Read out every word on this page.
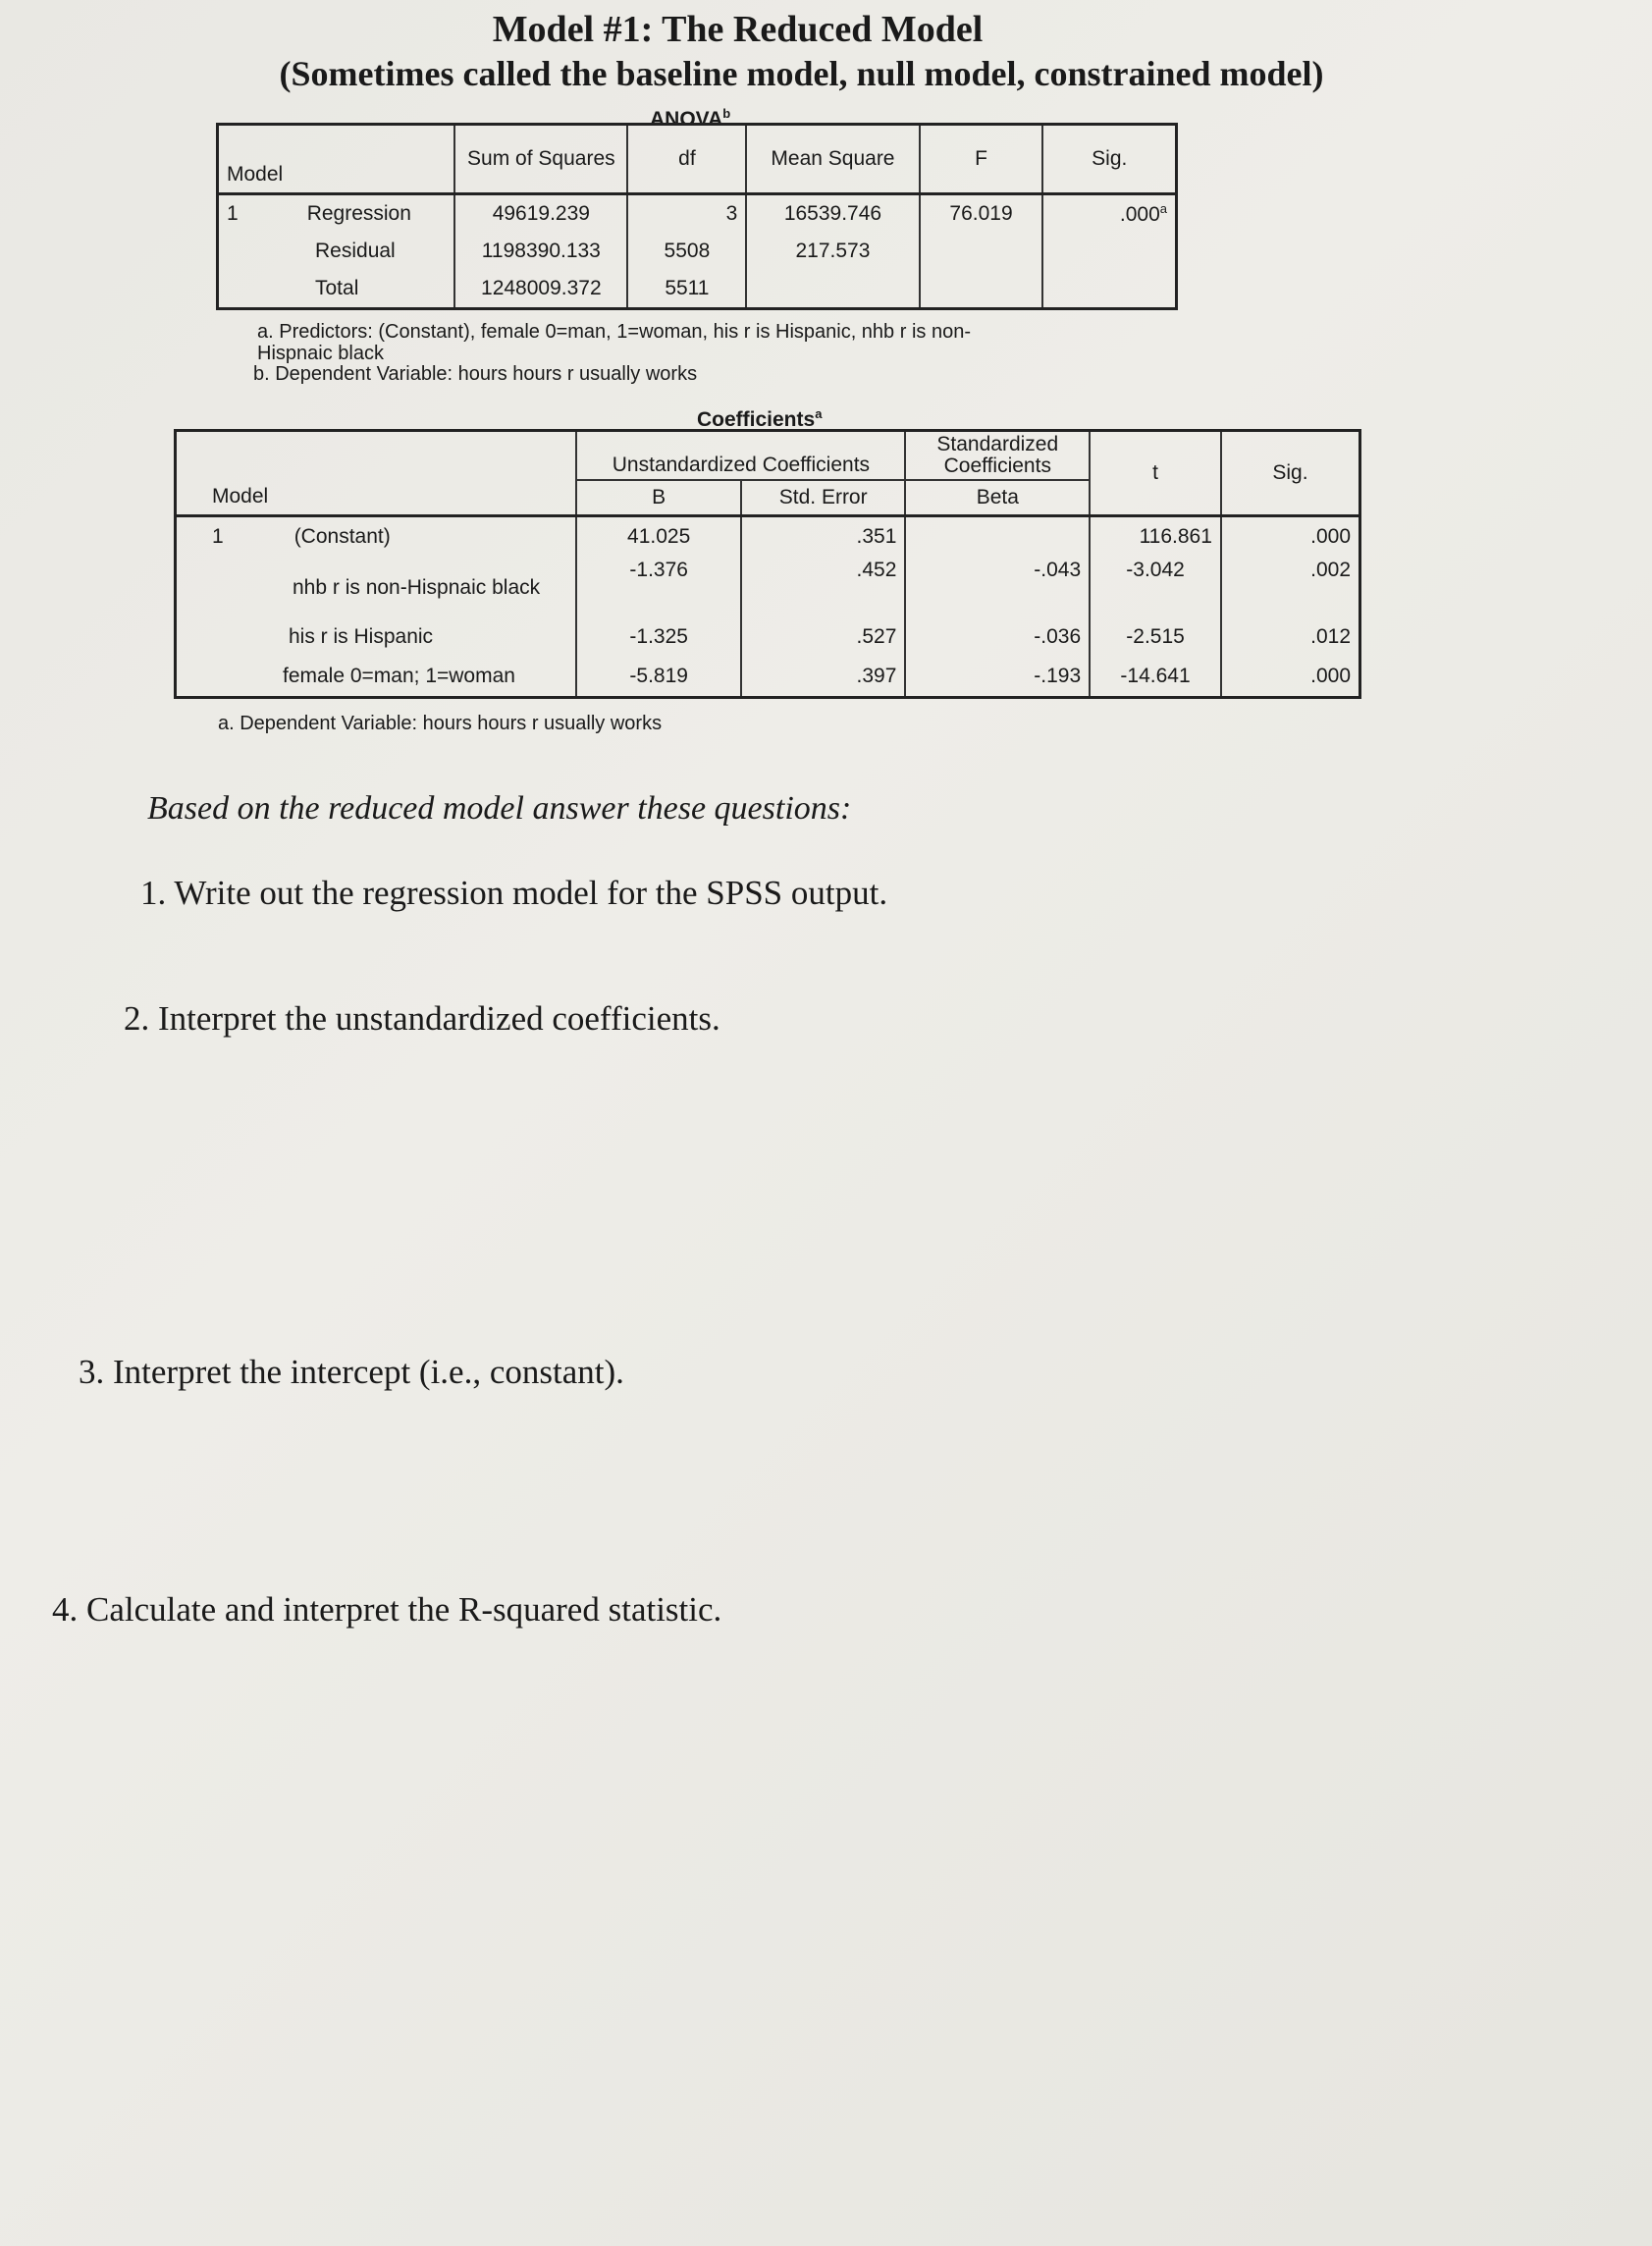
Model #1: The Reduced Model
(Sometimes called the baseline model, null model, constrained model)
ANOVA$^b$
Model	Sum of Squares	df	Mean Square	F	Sig.
1 Regression	49619.239	3	16539.746	76.019	.000$^a$
Residual	1198390.133	5508	217.573		
Total	1248009.372	5511			
a. Predictors: (Constant), female 0=man, 1=woman, his r is Hispanic, nhb r is non-
Hispnaic black
b. Dependent Variable: hours hours r usually works
Coefficients$^a$
Model	Unstandardized Coefficients		Standardized Coefficients	t	Sig.
	B	Std. Error	Beta		
1 (Constant)	41.025	.351		116.861	.000
nhb r is non-Hispnaic black	-1.376	.452	-.043	-3.042	.002
his r is Hispanic	-1.325	.527	-.036	-2.515	.012
female 0=man; 1=woman	-5.819	.397	-.193	-14.641	.000
a. Dependent Variable: hours hours r usually works
Based on the reduced model answer these questions:
1. Write out the regression model for the SPSS output.
2. Interpret the unstandardized coefficients.
3. Interpret the intercept (i.e., constant).
4. Calculate and interpret the R-squared statistic.
